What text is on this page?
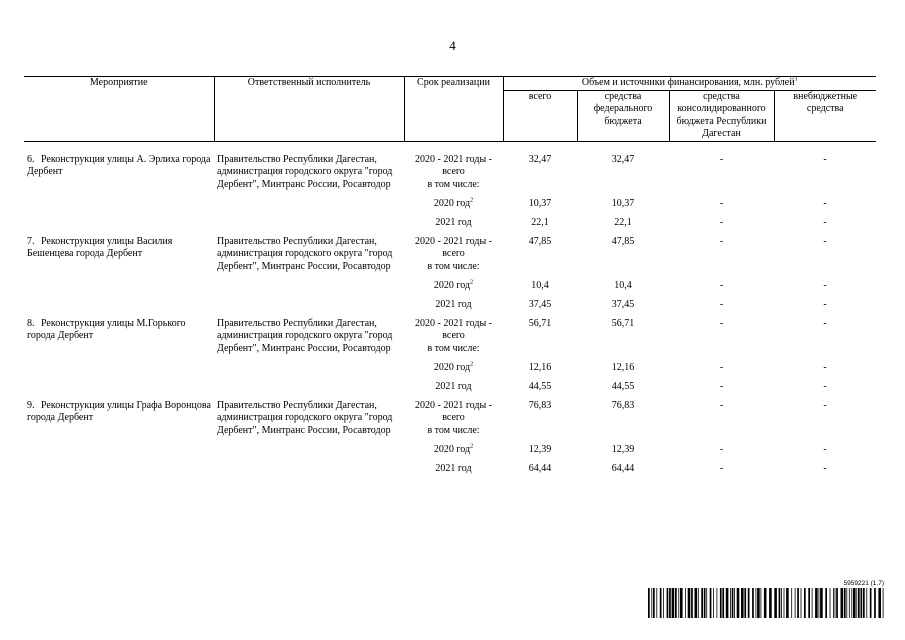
4
Мероприятие	Ответственный исполнитель	Срок реализации	Объем и источники финансирования, млн. рублей$^1$
			всего	средства федерального бюджета	средства консолидированного бюджета Республики Дагестан	внебюджетные средства

6. Реконструкция улицы А. Эрлиха города Дербент	Правительство Республики Дагестан, администрация городского округа "город Дербент", Минтранс России, Росавтодор	2020 - 2021 годы - всего	32,47	32,47	-	-
		в том числе:				
		2020 год$^2$	10,37	10,37	-	-
		2021 год	22,1	22,1	-	-
7. Реконструкция улицы Василия Бешенцева города Дербент	Правительство Республики Дагестан, администрация городского округа "город Дербент", Минтранс России, Росавтодор	2020 - 2021 годы - всего	47,85	47,85	-	-
		в том числе:				
		2020 год$^2$	10,4	10,4	-	-
		2021 год	37,45	37,45	-	-
8. Реконструкция улицы М.Горького города Дербент	Правительство Республики Дагестан, администрация городского округа "город Дербент", Минтранс России, Росавтодор	2020 - 2021 годы - всего	56,71	56,71	-	-
		в том числе:				
		2020 год$^2$	12,16	12,16	-	-
		2021 год	44,55	44,55	-	-
9. Реконструкция улицы Графа Воронцова города Дербент	Правительство Республики Дагестан, администрация городского округа "город Дербент", Минтранс России, Росавтодор	2020 - 2021 годы - всего	76,83	76,83	-	-
		в том числе:				
		2020 год$^2$	12,39	12,39	-	-
		2021 год	64,44	64,44	-	-
5959221 (1.7)
